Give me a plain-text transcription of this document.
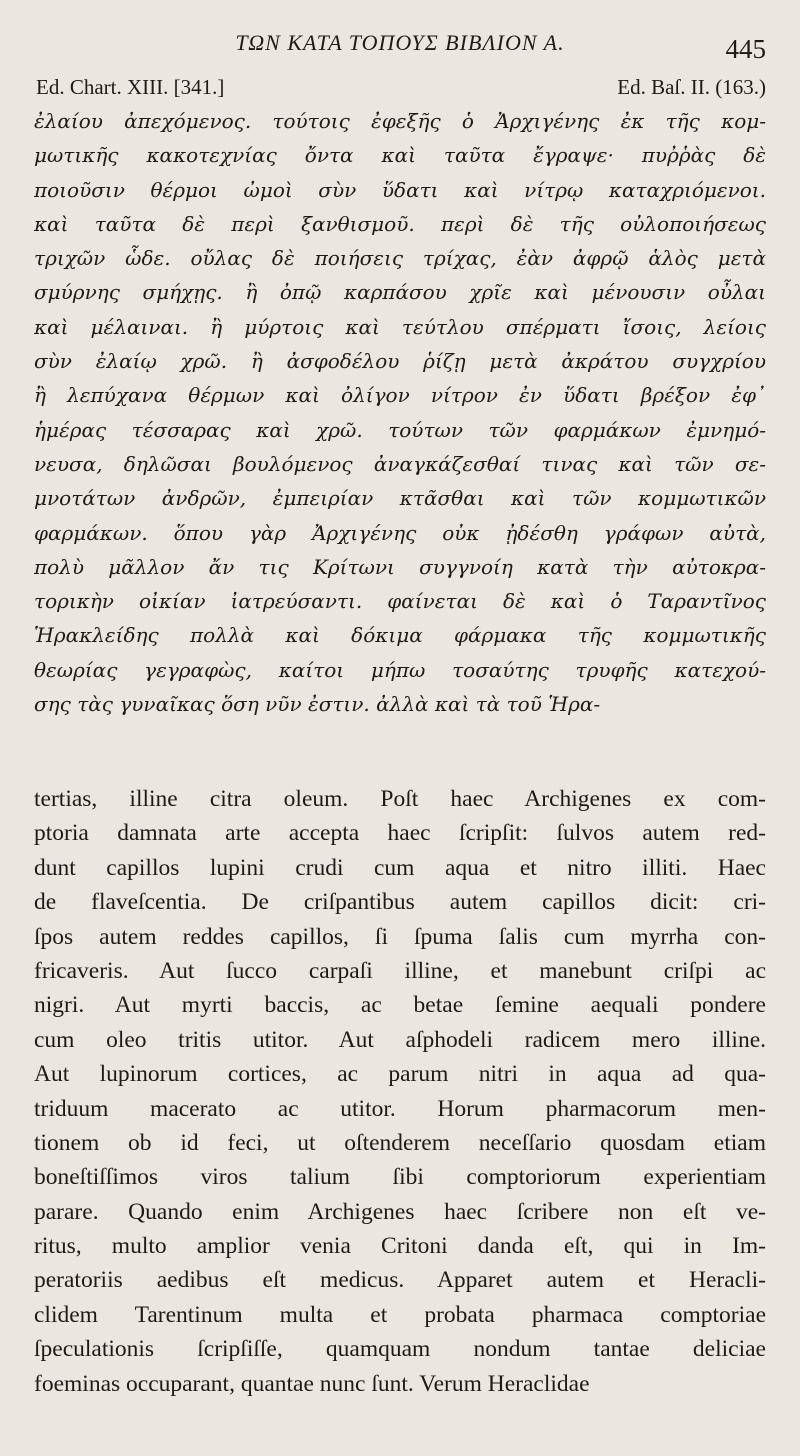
ΤΩΝ ΚΑΤΑ ΤΟΠΟΥΣ ΒΙΒΛΙΟΝ Α.	445
Ed. Chart. XIII. [341.]	Ed. Baſ. II. (163.)
ἐλαίου ἀπεχόμενος. τούτοις ἐφεξῆς ὁ Ἀρχιγένης ἐκ τῆς κομ-
μωτικῆς κακοτεχνίας ὄντα καὶ ταῦτα ἔγραψε· πυῤῥὰς δὲ
ποιοῦσιν θέρμοι ὠμοὶ σὺν ὕδατι καὶ νίτρῳ καταχριόμενοι.
καὶ ταῦτα δὲ περὶ ξανθισμοῦ. περὶ δὲ τῆς οὐλοποιήσεως
τριχῶν ὧδε. οὔλας δὲ ποιήσεις τρίχας, ἐὰν ἀφρῷ ἁλὸς μετὰ
σμύρνης σμήχῃς. ἢ ὀπῷ καρπάσου χρῖε καὶ μένουσιν οὖλαι
καὶ μέλαιναι. ἢ μύρτοις καὶ τεύτλου σπέρματι ἴσοις, λείοις
σὺν ἐλαίῳ χρῶ. ἢ ἀσφοδέλου ῥίζῃ μετὰ ἀκράτου συγχρίου
ἢ λεπύχανα θέρμων καὶ ὀλίγον νίτρον ἐν ὕδατι βρέξον ἐφ᾽
ἡμέρας τέσσαρας καὶ χρῶ. τούτων τῶν φαρμάκων ἐμνημό-
νευσα, δηλῶσαι βουλόμενος ἀναγκάζεσθαί τινας καὶ τῶν σε-
μνοτάτων ἀνδρῶν, ἐμπειρίαν κτᾶσθαι καὶ τῶν κομμωτικῶν
φαρμάκων. ὅπου γὰρ Ἀρχιγένης οὐκ ᾐδέσθη γράφων αὐτὰ,
πολὺ μᾶλλον ἄν τις Κρίτωνι συγγνοίη κατὰ τὴν αὐτοκρα-
τορικὴν οἰκίαν ἰατρεύσαντι. φαίνεται δὲ καὶ ὁ Ταραντῖνος
Ἡρακλείδης πολλὰ καὶ δόκιμα φάρμακα τῆς κομμωτικῆς
θεωρίας γεγραφὼς, καίτοι μήπω τοσαύτης τρυφῆς κατεχού-
σης τὰς γυναῖκας ὅση νῦν ἐστιν. ἀλλὰ καὶ τὰ τοῦ Ἡρα-
tertias, illine citra oleum. Poſt haec Archigenes ex com-
ptoria damnata arte accepta haec ſcripſit: ſulvos autem red-
dunt capillos lupini crudi cum aqua et nitro illiti. Haec
de flaveſcentia. De criſpantibus autem capillos dicit: cri-
ſpos autem reddes capillos, ſi ſpuma ſalis cum myrrha con-
fricaveris. Aut ſucco carpaſi illine, et manebunt criſpi ac
nigri. Aut myrti baccis, ac betae ſemine aequali pondere
cum oleo tritis utitor. Aut aſphodeli radicem mero illine.
Aut lupinorum cortices, ac parum nitri in aqua ad qua-
triduum macerato ac utitor. Horum pharmacorum men-
tionem ob id feci, ut oſtenderem neceſſario quosdam etiam
boneſtiſſimos viros talium ſibi comptoriorum experientiam
parare. Quando enim Archigenes haec ſcribere non eſt ve-
ritus, multo amplior venia Critoni danda eſt, qui in Im-
peratoriis aedibus eſt medicus. Apparet autem et Heracli-
clidem Tarentinum multa et probata pharmaca comptoriae
ſpeculationis ſcripſiſſe, quamquam nondum tantae deliciae
foeminas occuparant, quantae nunc ſunt. Verum Heraclidae
